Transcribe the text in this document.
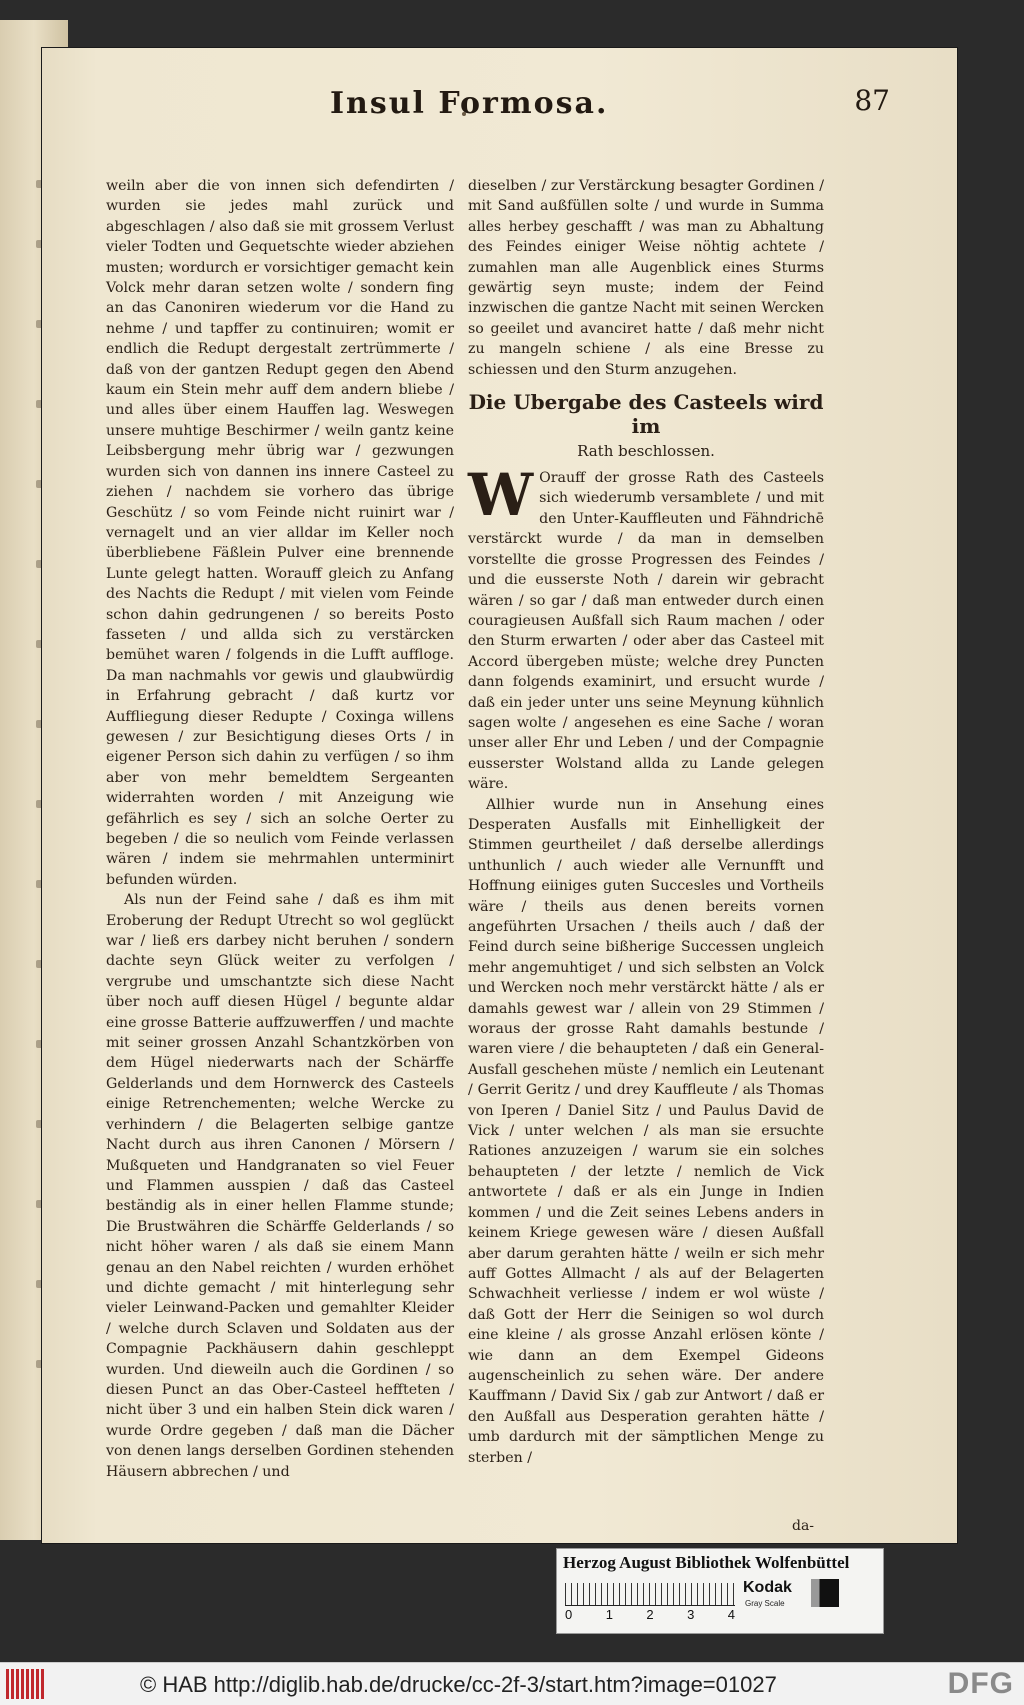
Insul Formosa.	87

weiln aber die von innen sich defendirten / wurden sie jedes mahl zurück und abgeschlagen / also daß sie mit grossem Verlust vieler Todten und Gequetschte wieder abziehen musten; wordurch er vorsichtiger gemacht kein Volck mehr daran setzen wolte / sondern fing an das Canoniren wiederum vor die Hand zu nehme / und tapffer zu continuiren; womit er endlich die Redupt dergestalt zertrümmerte / daß von der gantzen Redupt gegen den Abend kaum ein Stein mehr auff dem andern bliebe / und alles über einem Hauffen lag. Weswegen unsere muhtige Beschirmer / weiln gantz keine Leibsbergung mehr übrig war / gezwungen wurden sich von dannen ins innere Casteel zu ziehen / nachdem sie vorhero das übrige Geschütz / so vom Feinde nicht ruinirt war / vernagelt und an vier alldar im Keller noch überbliebene Fäßlein Pulver eine brennende Lunte gelegt hatten. Worauff gleich zu Anfang des Nachts die Redupt / mit vielen vom Feinde schon dahin gedrungenen / so bereits Posto fasseten / und allda sich zu verstärcken bemühet waren / folgends in die Lufft auffloge. Da man nachmahls vor gewis und glaubwürdig in Erfahrung gebracht / daß kurtz vor Auffliegung dieser Redupte / Coxinga willens gewesen / zur Besichtigung dieses Orts / in eigener Person sich dahin zu verfügen / so ihm aber von mehr bemeldtem Sergeanten widerrahten worden / mit Anzeigung wie gefährlich es sey / sich an solche Oerter zu begeben / die so neulich vom Feinde verlassen wären / indem sie mehrmahlen unterminirt befunden würden.

Als nun der Feind sahe / daß es ihm mit Eroberung der Redupt Utrecht so wol geglückt war / ließ ers darbey nicht beruhen / sondern dachte seyn Glück weiter zu verfolgen / vergrube und umschantzte sich diese Nacht über noch auff diesen Hügel / begunte aldar eine grosse Batterie auffzuwerffen / und machte mit seiner grossen Anzahl Schantzkörben von dem Hügel niederwarts nach der Schärffe Gelderlands und dem Hornwerck des Casteels einige Retrenchementen; welche Wercke zu verhindern / die Belagerten selbige gantze Nacht durch aus ihren Canonen / Mörsern / Mußqueten und Handgranaten so viel Feuer und Flammen ausspien / daß das Casteel beständig als in einer hellen Flamme stunde; Die Brustwähren die Schärffe Gelderlands / so nicht höher waren / als daß sie einem Mann genau an den Nabel reichten / wurden erhöhet und dichte gemacht / mit hinterlegung sehr vieler Leinwand-Packen und gemahlter Kleider / welche durch Sclaven und Soldaten aus der Compagnie Packhäusern dahin geschleppt wurden. Und dieweiln auch die Gordinen / so diesen Punct an das Ober-Casteel heffteten / nicht über 3 und ein halben Stein dick waren / wurde Ordre gegeben / daß man die Dächer von denen langs derselben Gordinen stehenden Häusern abbrechen / und

dieselben / zur Verstärckung besagter Gordinen / mit Sand außfüllen solte / und wurde in Summa alles herbey geschafft / was man zu Abhaltung des Feindes einiger Weise nöhtig achtete / zumahlen man alle Augenblick eines Sturms gewärtig seyn muste; indem der Feind inzwischen die gantze Nacht mit seinen Wercken so geeilet und avanciret hatte / daß mehr nicht zu mangeln schiene / als eine Bresse zu schiessen und den Sturm anzugehen.

Die Ubergabe des Casteels wird im
Rath beschlossen.

W Orauff der grosse Rath des Casteels sich wiederumb versamblete / und mit den Unter-Kauffleuten und Fähndrichē verstärckt wurde / da man in demselben vorstellte die grosse Progressen des Feindes / und die eusserste Noth / darein wir gebracht wären / so gar / daß man entweder durch einen couragieusen Außfall sich Raum machen / oder den Sturm erwarten / oder aber das Casteel mit Accord übergeben müste; welche drey Puncten dann folgends examinirt, und ersucht wurde / daß ein jeder unter uns seine Meynung kühnlich sagen wolte / angesehen es eine Sache / woran unser aller Ehr und Leben / und der Compagnie eusserster Wolstand allda zu Lande gelegen wäre.

Allhier wurde nun in Ansehung eines Desperaten Ausfalls mit Einhelligkeit der Stimmen geurtheilet / daß derselbe allerdings unthunlich / auch wieder alle Vernunfft und Hoffnung eiiniges guten Succesles und Vortheils wäre / theils aus denen bereits vornen angeführten Ursachen / theils auch / daß der Feind durch seine bißherige Successen ungleich mehr angemuhtiget / und sich selbsten an Volck und Wercken noch mehr verstärckt hätte / als er damahls gewest war / allein von 29 Stimmen / woraus der grosse Raht damahls bestunde / waren viere / die behaupteten / daß ein General-Ausfall geschehen müste / nemlich ein Leutenant / Gerrit Geritz / und drey Kauffleute / als Thomas von Iperen / Daniel Sitz / und Paulus David de Vick / unter welchen / als man sie ersuchte Rationes anzuzeigen / warum sie ein solches behaupteten / der letzte / nemlich de Vick antwortete / daß er als ein Junge in Indien kommen / und die Zeit seines Lebens anders in keinem Kriege gewesen wäre / diesen Außfall aber darum gerahten hätte / weiln er sich mehr auff Gottes Allmacht / als auf der Belagerten Schwachheit verliesse / indem er wol wüste / daß Gott der Herr die Seinigen so wol durch eine kleine / als grosse Anzahl erlösen könte / wie dann an dem Exempel Gideons augenscheinlich zu sehen wäre. Der andere Kauffmann / David Six / gab zur Antwort / daß er den Außfall aus Desperation gerahten hätte / umb dardurch mit der sämptlichen Menge zu sterben /

da-
Herzog August Bibliothek Wolfenbüttel
0	1	2	3	4
Kodak
Gray Scale
© HAB http://diglib.hab.de/drucke/cc-2f-3/start.htm?image=01027	DFG
